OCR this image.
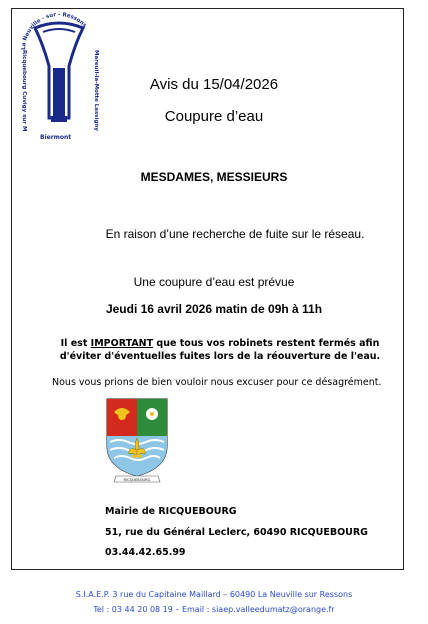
La Neuville - sur - Ressons
Ricquebourg Cuvigy sur M
Mareuil-la-Motte Lassigny
Biermont
Avis du 15/04/2026
Coupure d’eau
MESDAMES, MESSIEURS
En raison d’une recherche de fuite sur le réseau.
Une coupure d’eau est prévue
Jeudi 16 avril 2026 matin de 09h à 11h
Il est IMPORTANT que tous vos robinets restent fermés afin d'éviter d'éventuelles fuites lors de la réouverture de l'eau.
Nous vous prions de bien vouloir nous excuser pour ce désagrément.
RICQUEBOURG
Mairie de RICQUEBOURG
51, rue du Général Leclerc, 60490 RICQUEBOURG
03.44.42.65.99
S.I.A.E.P. 3 rue du Capitaine Maillard – 60490 La Neuville sur Ressons
Tel : 03 44 20 08 19 – Email : siaep.valleedumatz@orange.fr
